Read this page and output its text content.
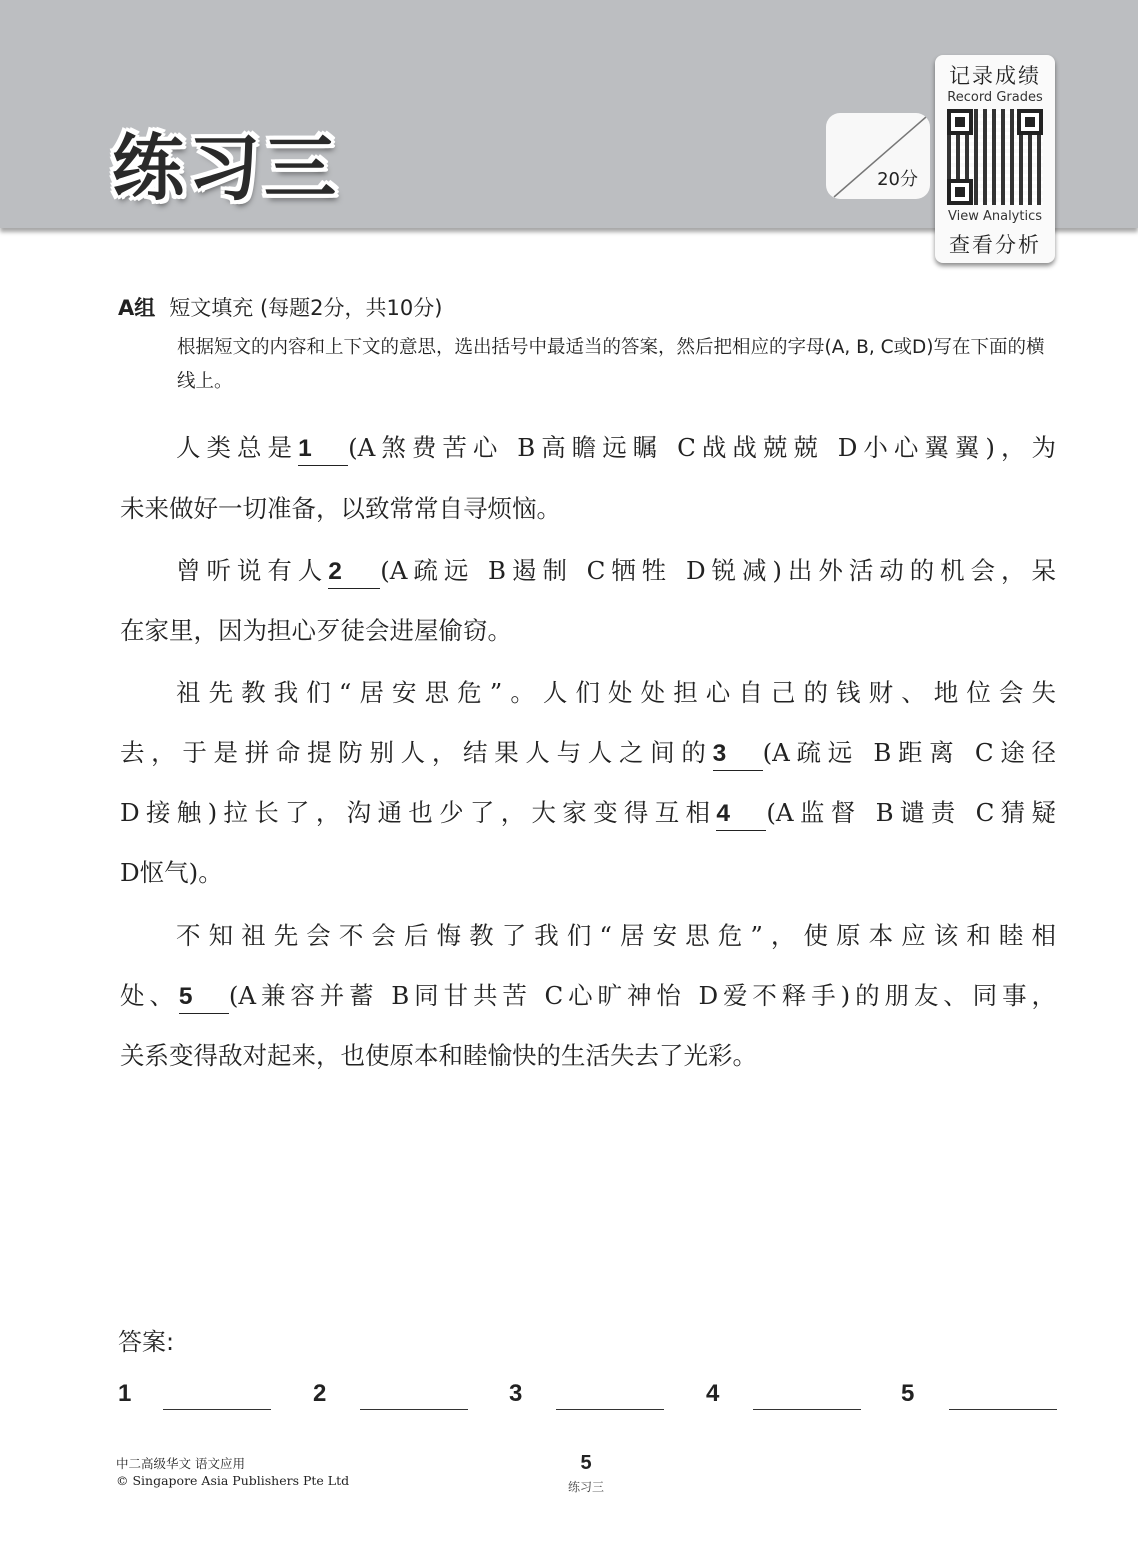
练习三	20分
记录成绩
Record Grades
View Analytics
查看分析
A组 短文填充 (每题2分，共10分)
根据短文的内容和上下文的意思，选出括号中最适当的答案，然后把相应的字母(A, B, C或D)写在下面的横线上。
人类总是1 (A煞费苦心 B高瞻远瞩 C战战兢兢 D小心翼翼)，为
未来做好一切准备，以致常常自寻烦恼。
曾听说有人2 (A疏远 B遏制 C牺牲 D锐减)出外活动的机会，呆
在家里，因为担心歹徒会进屋偷窃。
祖先教我们“居安思危”。人们处处担心自己的钱财、地位会失
去，于是拼命提防别人，结果人与人之间的3 (A疏远 B距离 C途径
D接触)拉长了，沟通也少了，大家变得互相4 (A监督 B谴责 C猜疑
D怄气)。
不知祖先会不会后悔教了我们“居安思危”，使原本应该和睦相
处、5 (A兼容并蓄 B同甘共苦 C心旷神怡 D爱不释手)的朋友、同事，
关系变得敌对起来，也使原本和睦愉快的生活失去了光彩。
答案:
1	2	3	4	5
中二高级华文 语文应用
© Singapore Asia Publishers Pte Ltd
5
练习三
